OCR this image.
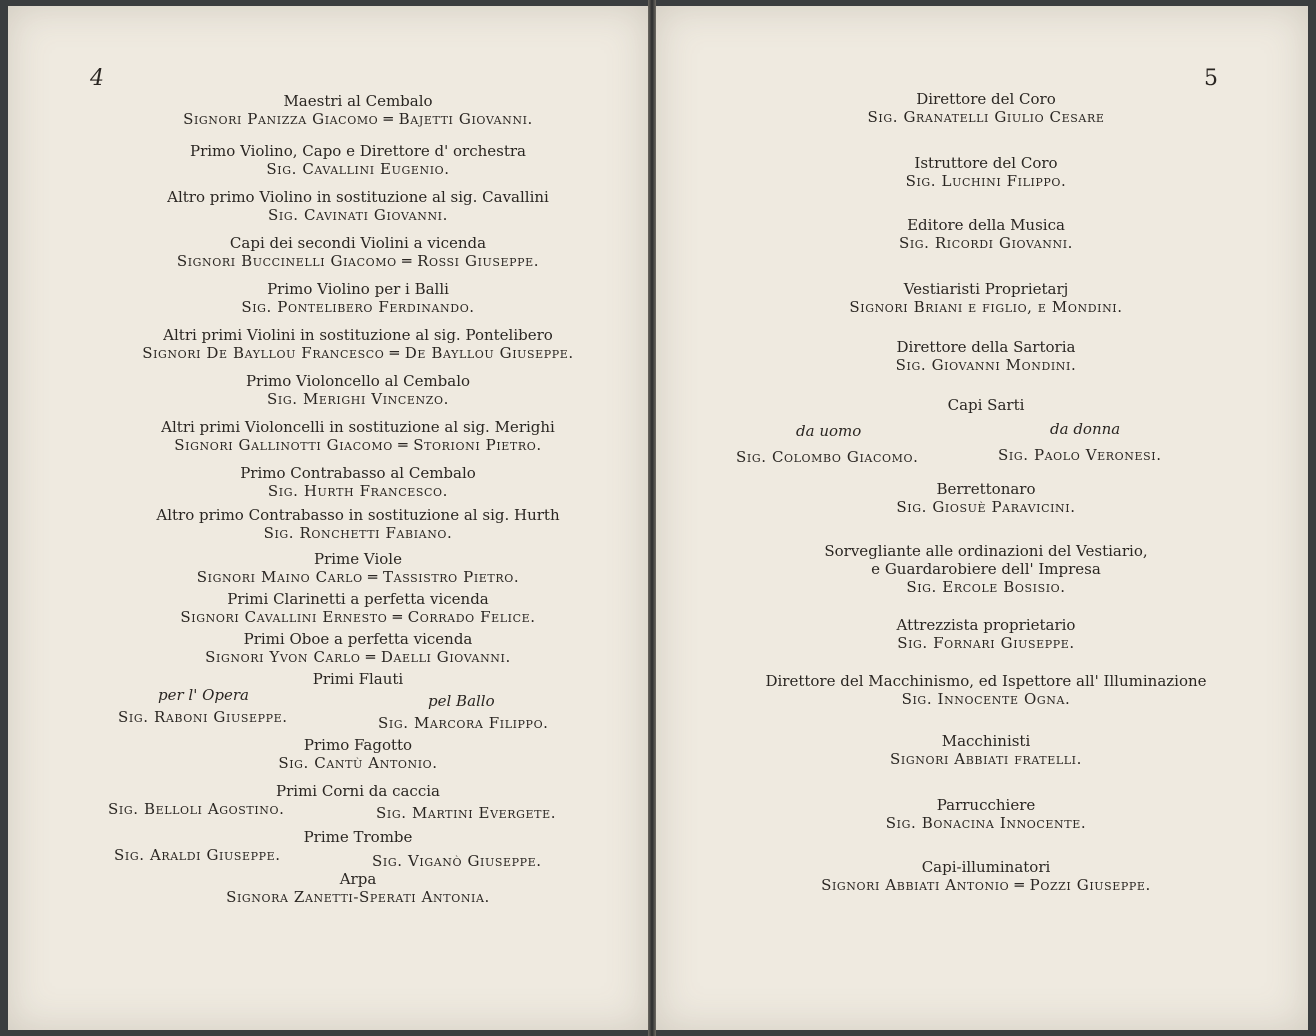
4
Maestri al Cembalo
Signori Panizza Giacomo ═ Bajetti Giovanni.
Primo Violino, Capo e Direttore d' orchestra
Sig. Cavallini Eugenio.
Altro primo Violino in sostituzione al sig. Cavallini
Sig. Cavinati Giovanni.
Capi dei secondi Violini a vicenda
Signori Buccinelli Giacomo ═ Rossi Giuseppe.
Primo Violino per i Balli
Sig. Pontelibero Ferdinando.
Altri primi Violini in sostituzione al sig. Pontelibero
Signori De Bayllou Francesco ═ De Bayllou Giuseppe.
Primo Violoncello al Cembalo
Sig. Merighi Vincenzo.
Altri primi Violoncelli in sostituzione al sig. Merighi
Signori Gallinotti Giacomo ═ Storioni Pietro.
Primo Contrabasso al Cembalo
Sig. Hurth Francesco.
Altro primo Contrabasso in sostituzione al sig. Hurth
Sig. Ronchetti Fabiano.
Prime Viole
Signori Maino Carlo ═ Tassistro Pietro.
Primi Clarinetti a perfetta vicenda
Signori Cavallini Ernesto ═ Corrado Felice.
Primi Oboe a perfetta vicenda
Signori Yvon Carlo ═ Daelli Giovanni.
Primi Flauti
per l' Opera	pel Ballo
Sig. Raboni Giuseppe.	Sig. Marcora Filippo.
Primo Fagotto
Sig. Cantù Antonio.
Primi Corni da caccia
Sig. Belloli Agostino.	Sig. Martini Evergete.
Prime Trombe
Sig. Araldi Giuseppe.	Sig. Viganò Giuseppe.
Arpa
Signora Zanetti-Sperati Antonia.
5
Direttore del Coro
Sig. Granatelli Giulio Cesare
Istruttore del Coro
Sig. Luchini Filippo.
Editore della Musica
Sig. Ricordi Giovanni.
Vestiaristi Proprietarj
Signori Briani e figlio, e Mondini.
Direttore della Sartoria
Sig. Giovanni Mondini.
Capi Sarti
da uomo	da donna
Sig. Colombo Giacomo.	Sig. Paolo Veronesi.
Berrettonaro
Sig. Giosuè Paravicini.
Sorvegliante alle ordinazioni del Vestiario,
e Guardarobiere dell' Impresa
Sig. Ercole Bosisio.
Attrezzista proprietario
Sig. Fornari Giuseppe.
Direttore del Macchinismo, ed Ispettore all' Illuminazione
Sig. Innocente Ogna.
Macchinisti
Signori Abbiati fratelli.
Parrucchiere
Sig. Bonacina Innocente.
Capi-illuminatori
Signori Abbiati Antonio ═ Pozzi Giuseppe.
